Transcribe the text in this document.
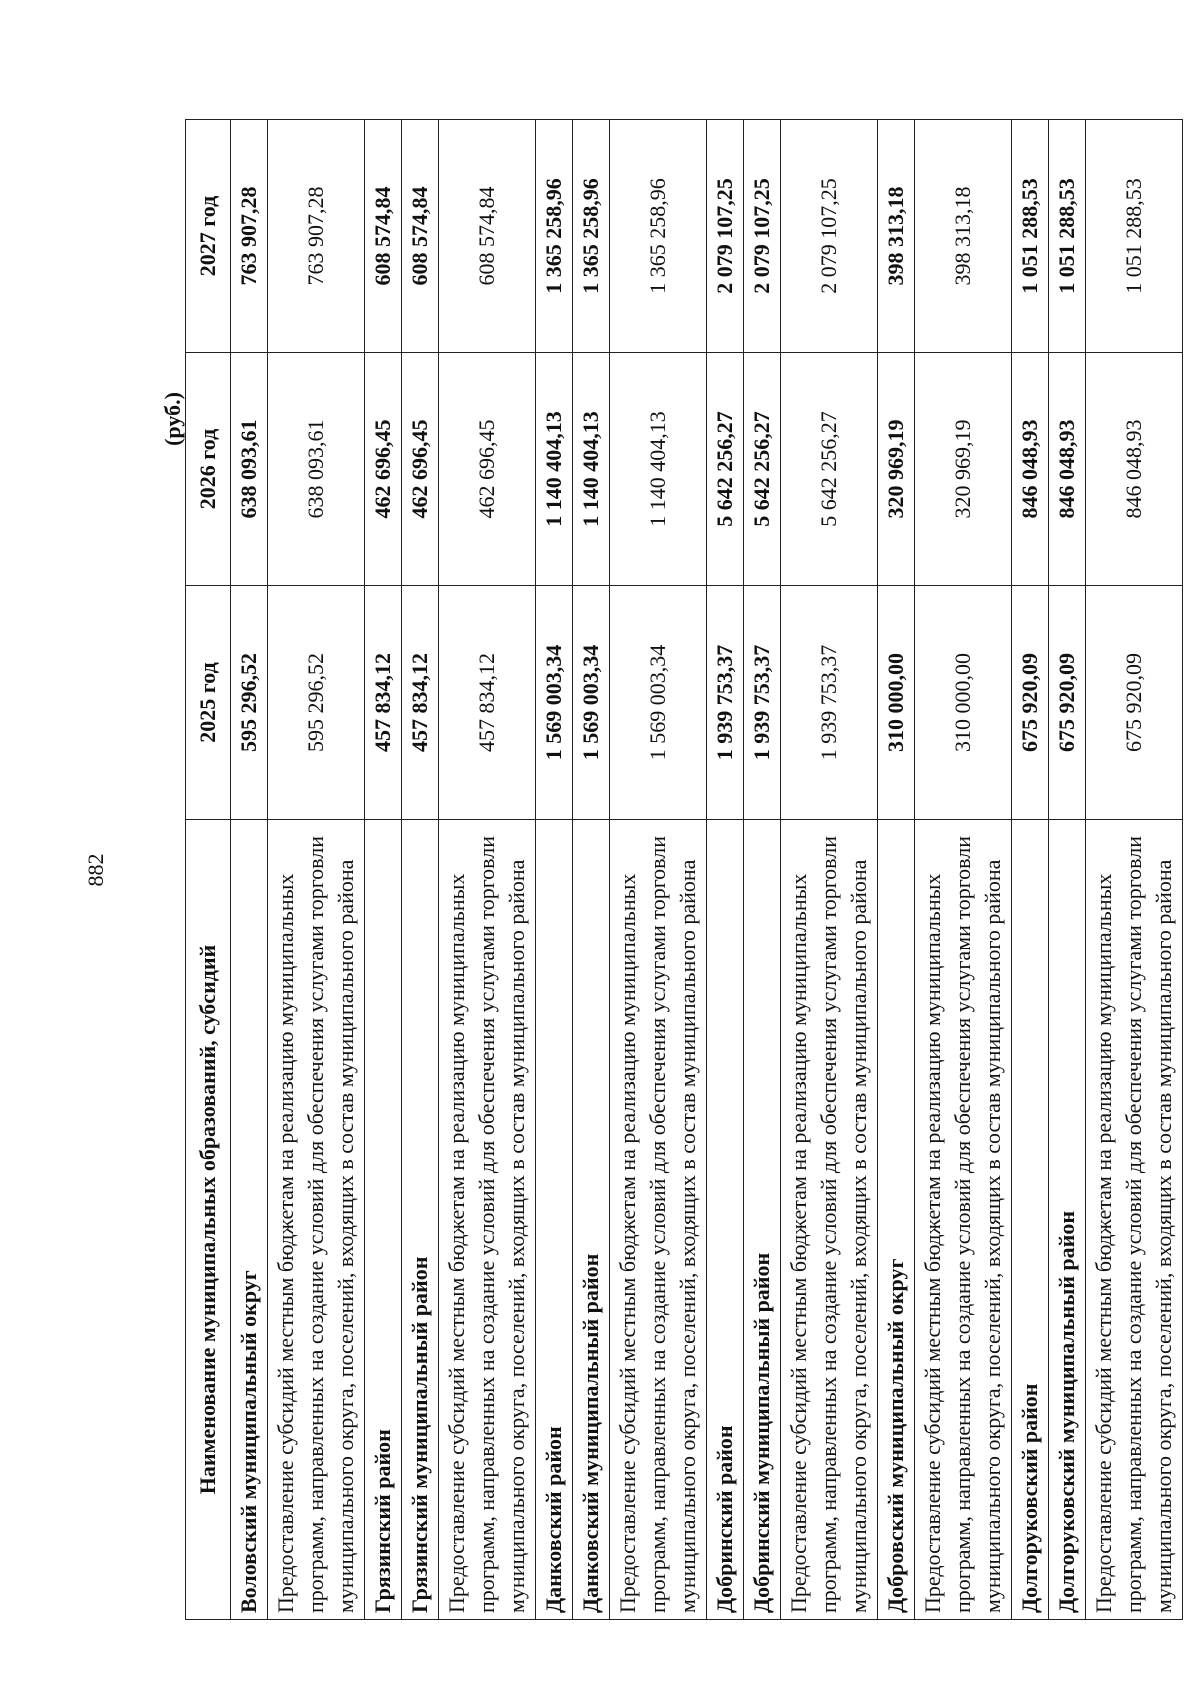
882
(руб.)
Наименование муниципальных образований, субсидий	2025 год	2026 год	2027 год
Воловский муниципальный округ	595 296,52	638 093,61	763 907,28
Предоставление субсидий местным бюджетам на реализацию муниципальных программ, направленных на создание условий для обеспечения услугами торговли муниципального округа, поселений, входящих в состав муниципального района	595 296,52	638 093,61	763 907,28
Грязинский район	457 834,12	462 696,45	608 574,84
Грязинский муниципальный район	457 834,12	462 696,45	608 574,84
Предоставление субсидий местным бюджетам на реализацию муниципальных программ, направленных на создание условий для обеспечения услугами торговли муниципального округа, поселений, входящих в состав муниципального района	457 834,12	462 696,45	608 574,84
Данковский район	1 569 003,34	1 140 404,13	1 365 258,96
Данковский муниципальный район	1 569 003,34	1 140 404,13	1 365 258,96
Предоставление субсидий местным бюджетам на реализацию муниципальных программ, направленных на создание условий для обеспечения услугами торговли муниципального округа, поселений, входящих в состав муниципального района	1 569 003,34	1 140 404,13	1 365 258,96
Добринский район	1 939 753,37	5 642 256,27	2 079 107,25
Добринский муниципальный район	1 939 753,37	5 642 256,27	2 079 107,25
Предоставление субсидий местным бюджетам на реализацию муниципальных программ, направленных на создание условий для обеспечения услугами торговли муниципального округа, поселений, входящих в состав муниципального района	1 939 753,37	5 642 256,27	2 079 107,25
Добровский муниципальный округ	310 000,00	320 969,19	398 313,18
Предоставление субсидий местным бюджетам на реализацию муниципальных программ, направленных на создание условий для обеспечения услугами торговли муниципального округа, поселений, входящих в состав муниципального района	310 000,00	320 969,19	398 313,18
Долгоруковский район	675 920,09	846 048,93	1 051 288,53
Долгоруковский муниципальный район	675 920,09	846 048,93	1 051 288,53
Предоставление субсидий местным бюджетам на реализацию муниципальных программ, направленных на создание условий для обеспечения услугами торговли муниципального округа, поселений, входящих в состав муниципального района	675 920,09	846 048,93	1 051 288,53
